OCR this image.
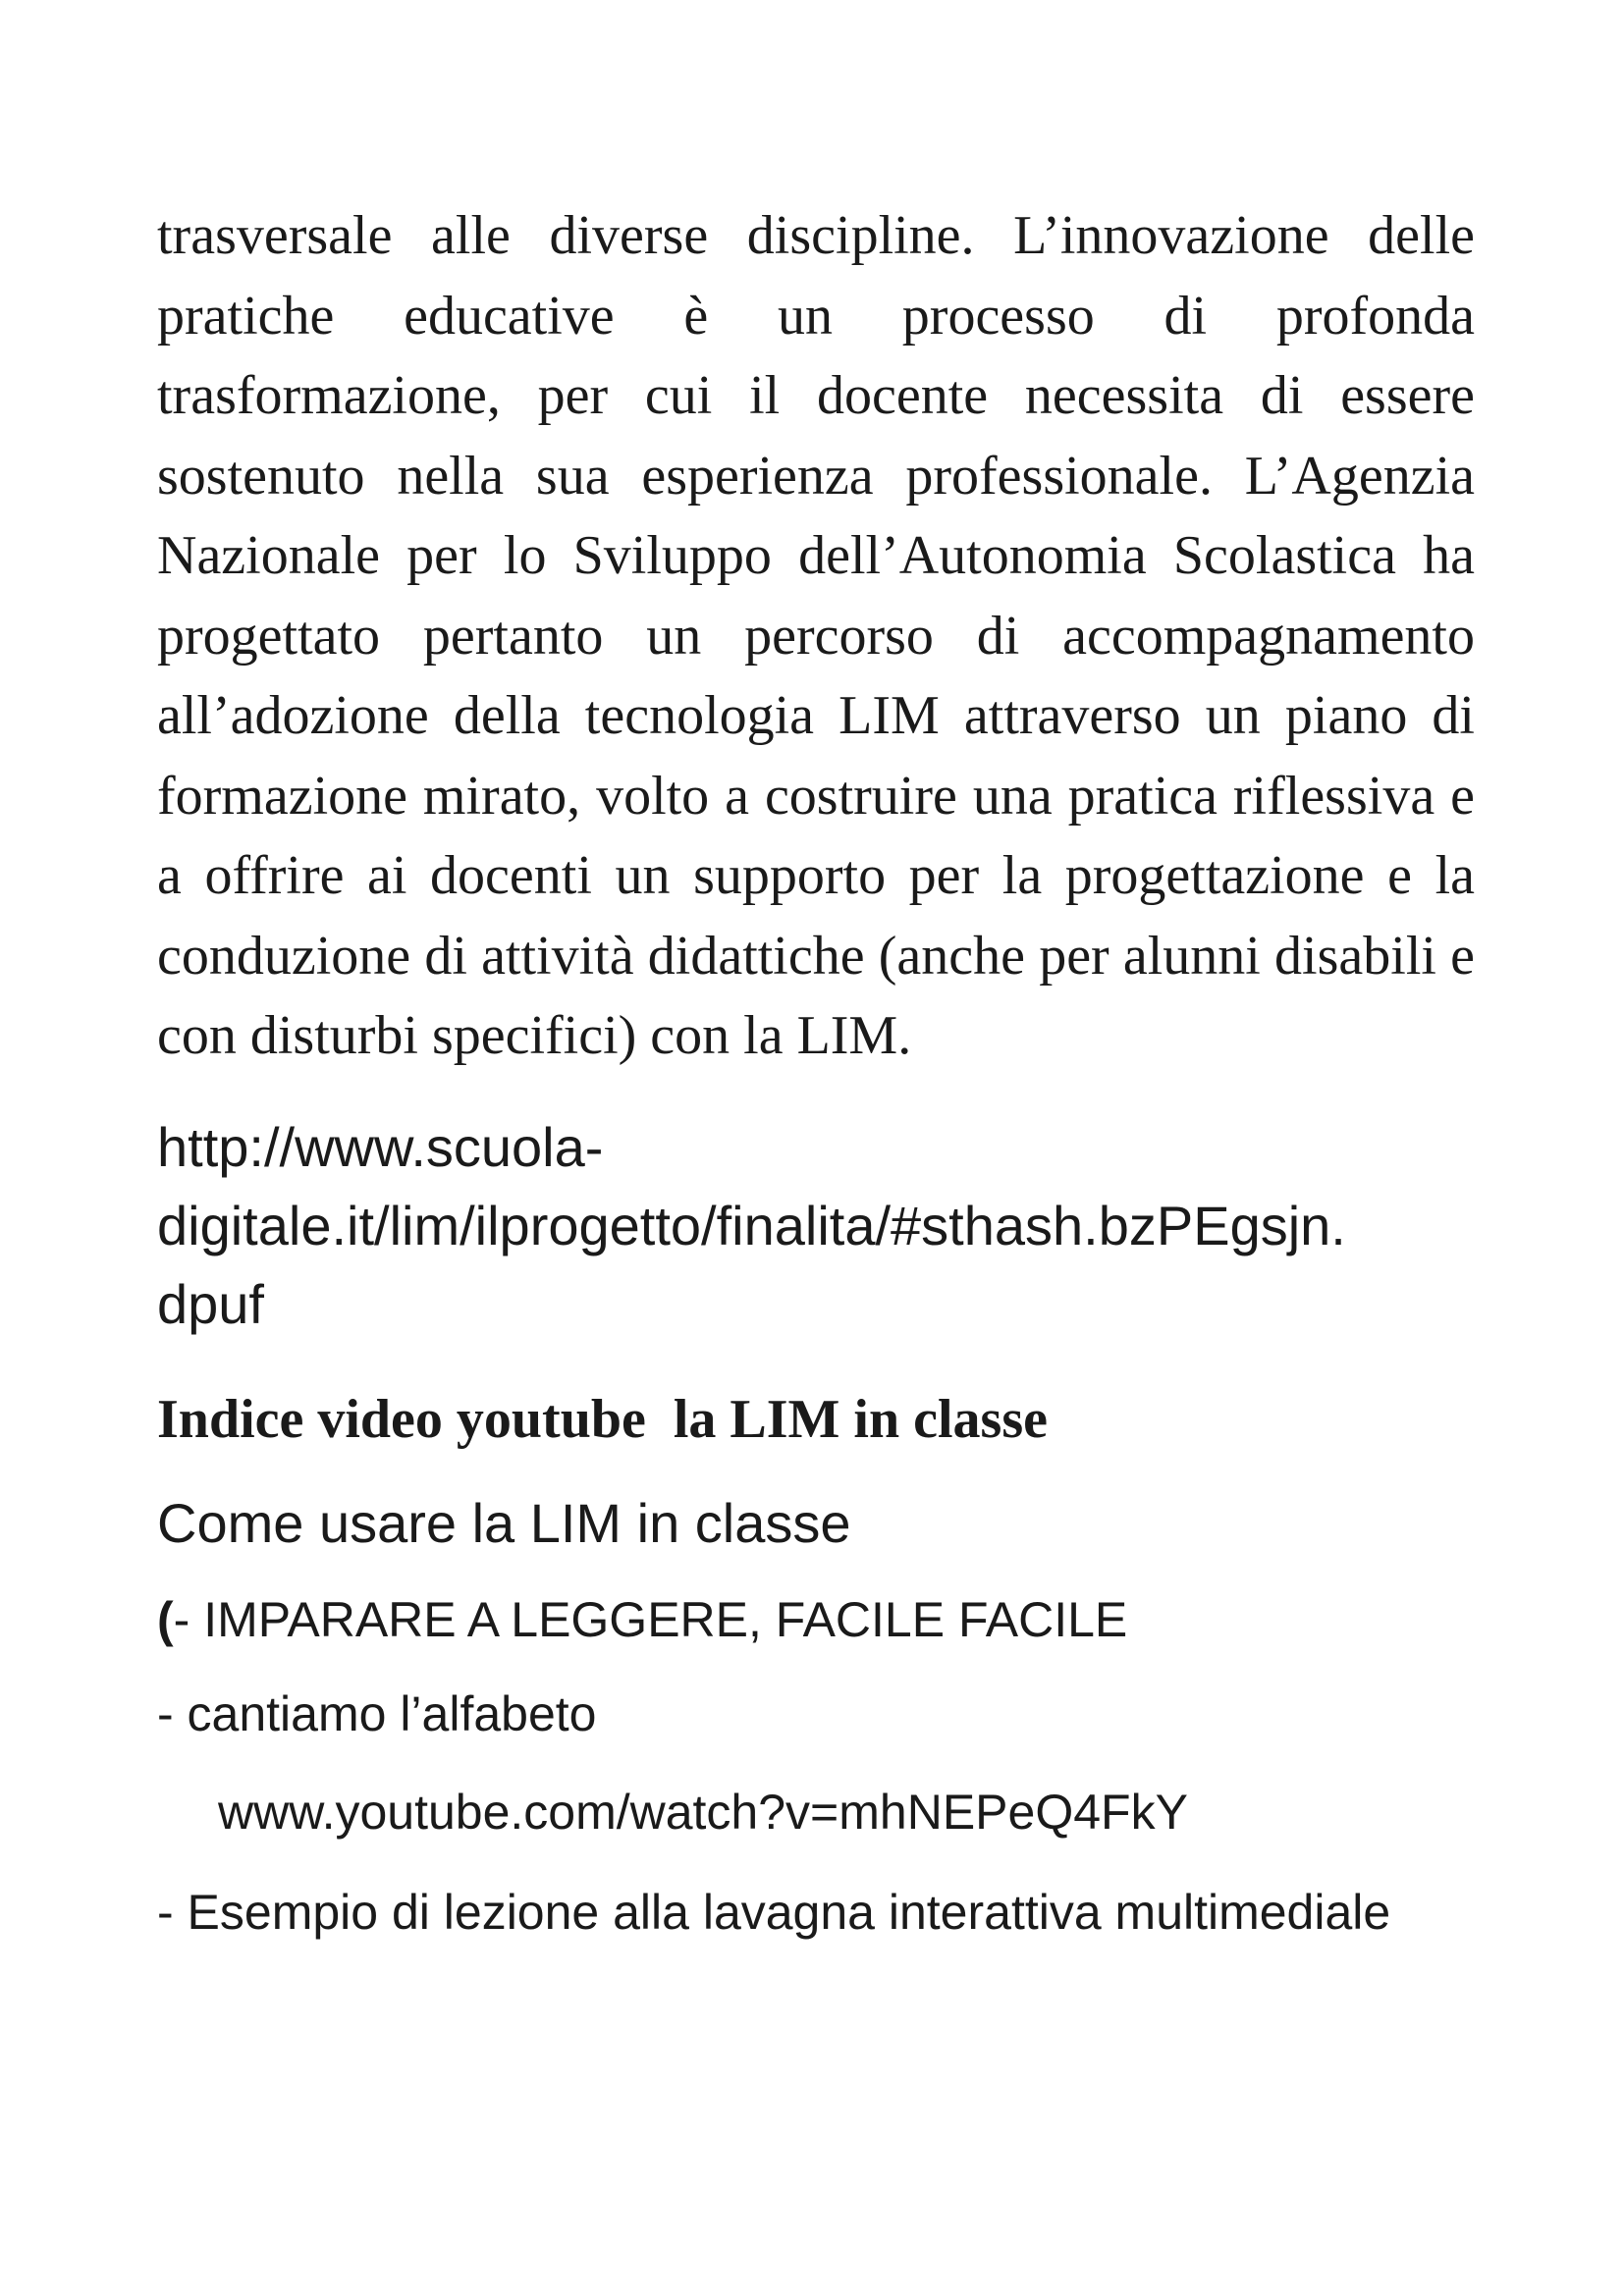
trasversale alle diverse discipline. L’innovazione delle pratiche educative è un processo di profonda trasformazione, per cui il docente necessita di essere sostenuto nella sua esperienza professionale. L’Agenzia Nazionale per lo Sviluppo dell’Autonomia Scolastica ha progettato pertanto un percorso di accompagnamento all’adozione della tecnologia LIM attraverso un piano di formazione mirato, volto a costruire una pratica riflessiva e a offrire ai docenti un supporto per la progettazione e la conduzione di attività didattiche (anche per alunni disabili e con disturbi specifici) con la LIM.

http://www.scuola-
digitale.it/lim/ilprogetto/finalita/#sthash.bzPEgsjn.
dpuf
Indice video youtube  la LIM in classe
Come usare la LIM in classe
(- IMPARARE A LEGGERE, FACILE FACILE
- cantiamo l’alfabeto
www.youtube.com/watch?v=mhNEPeQ4FkY
- Esempio di lezione alla lavagna interattiva multimediale
